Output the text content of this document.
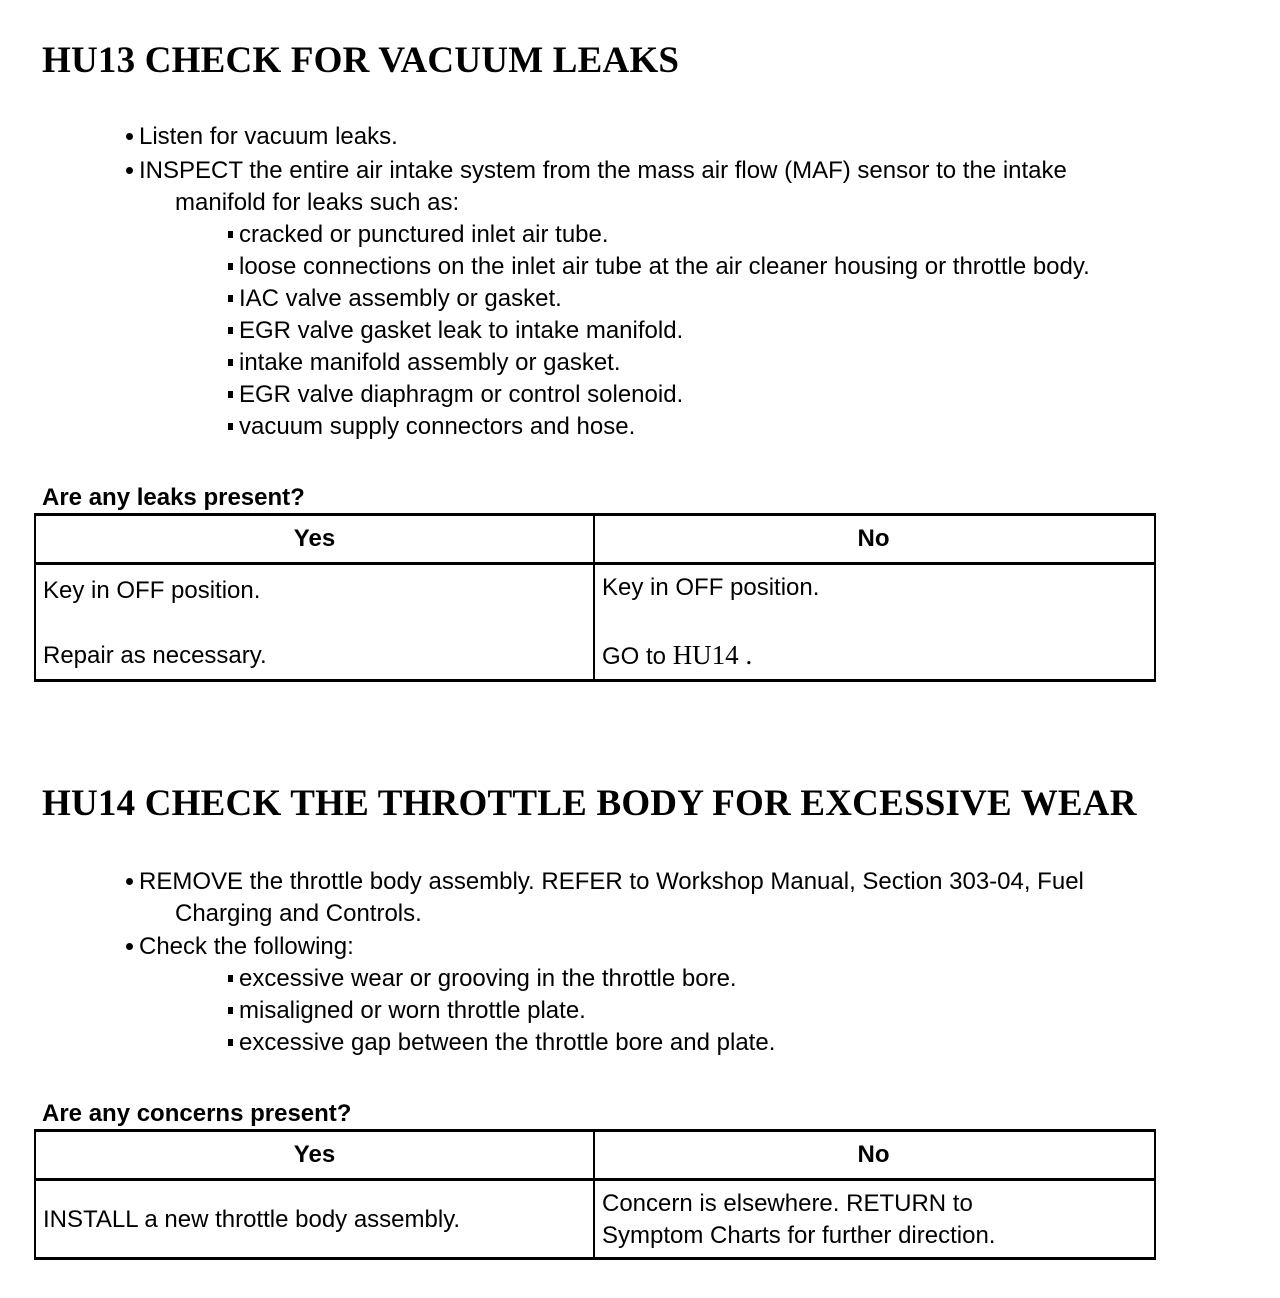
HU13 CHECK FOR VACUUM LEAKS
Listen for vacuum leaks.
INSPECT the entire air intake system from the mass air flow (MAF) sensor to the intake
manifold for leaks such as:
cracked or punctured inlet air tube.
loose connections on the inlet air tube at the air cleaner housing or throttle body.
IAC valve assembly or gasket.
EGR valve gasket leak to intake manifold.
intake manifold assembly or gasket.
EGR valve diaphragm or control solenoid.
vacuum supply connectors and hose.
Are any leaks present?
Yes	No
Key in OFF position.
Repair as necessary.
Key in OFF position.
GO to HU14 .
HU14 CHECK THE THROTTLE BODY FOR EXCESSIVE WEAR
REMOVE the throttle body assembly. REFER to Workshop Manual, Section 303-04, Fuel
Charging and Controls.
Check the following:
excessive wear or grooving in the throttle bore.
misaligned or worn throttle plate.
excessive gap between the throttle bore and plate.
Are any concerns present?
Yes	No
INSTALL a new throttle body assembly.
Concern is elsewhere. RETURN to
Symptom Charts for further direction.
